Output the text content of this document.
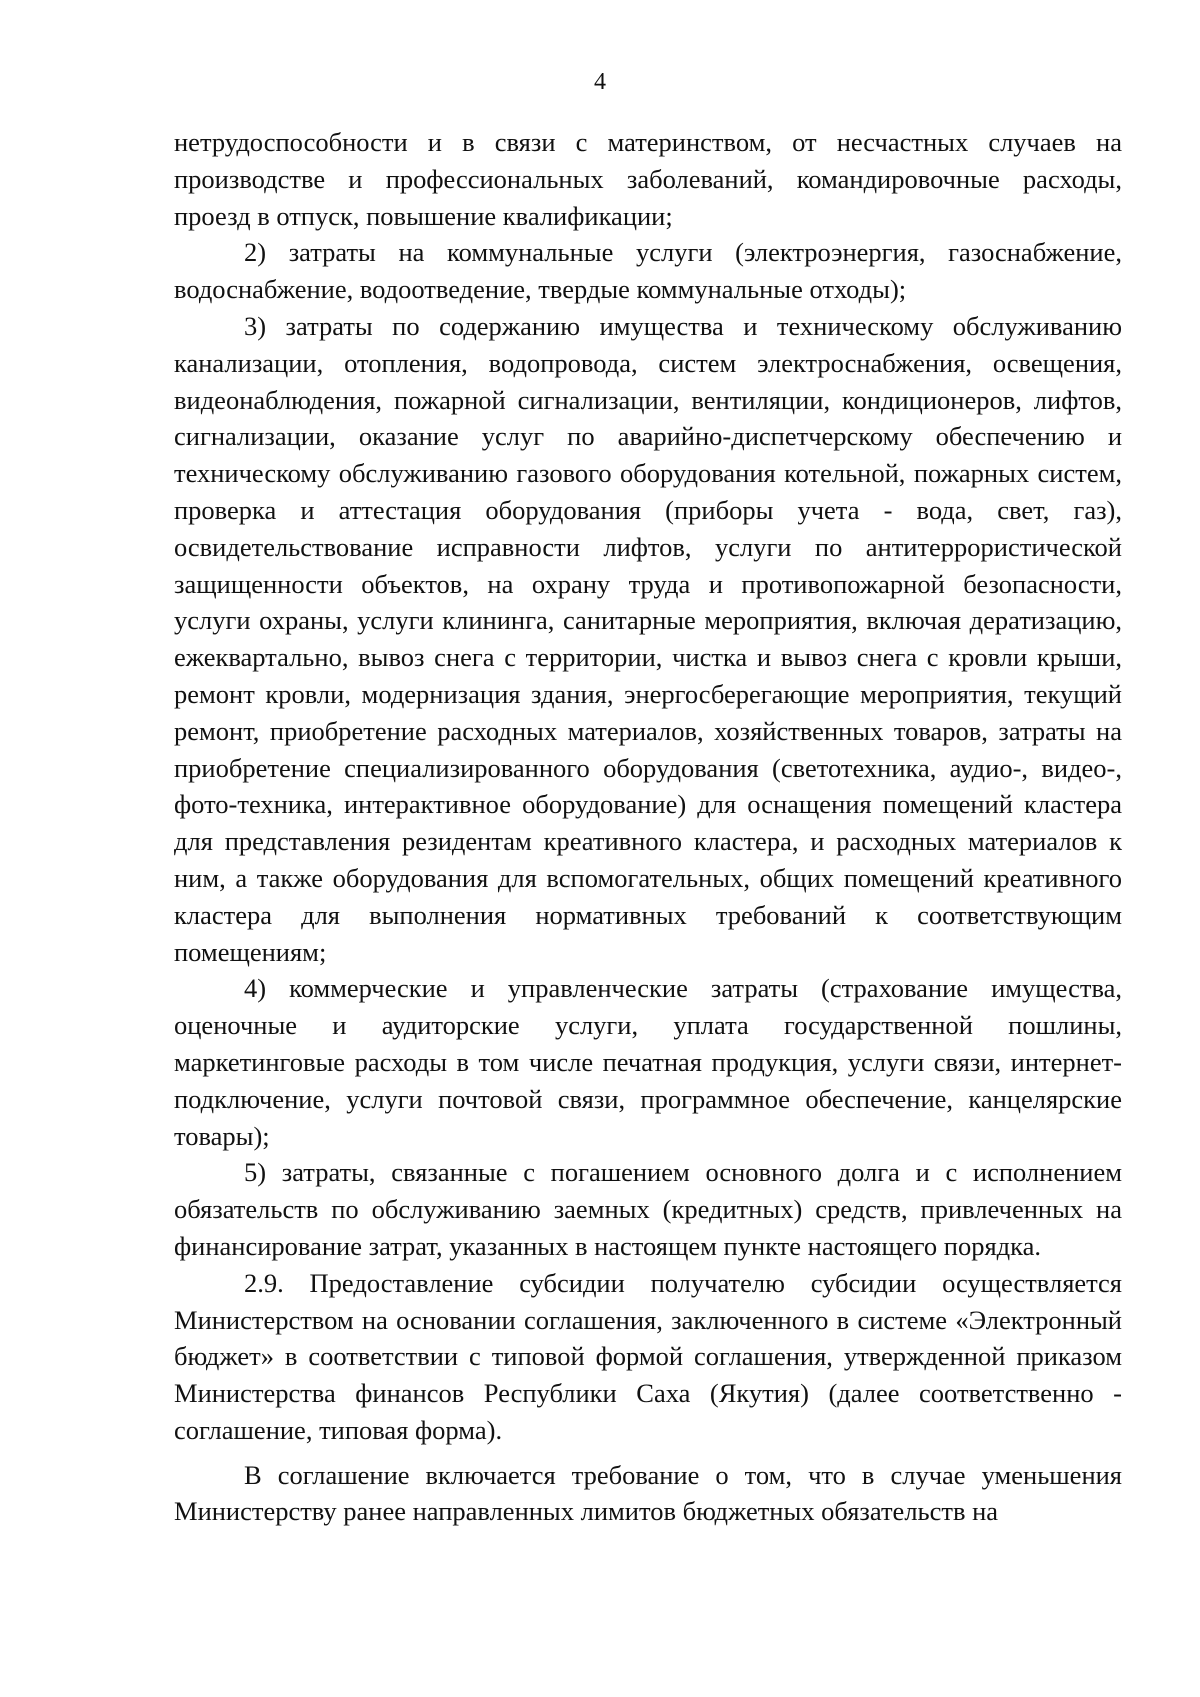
4

нетрудоспособности и в связи с материнством, от несчастных случаев на производстве и профессиональных заболеваний, командировочные расходы, проезд в отпуск, повышение квалификации;

2) затраты на коммунальные услуги (электроэнергия, газоснабжение, водоснабжение, водоотведение, твердые коммунальные отходы);

3) затраты по содержанию имущества и техническому обслуживанию канализации, отопления, водопровода, систем электроснабжения, освещения, видеонаблюдения, пожарной сигнализации, вентиляции, кондиционеров, лифтов, сигнализации, оказание услуг по аварийно-диспетчерскому обеспечению и техническому обслуживанию газового оборудования котельной, пожарных систем, проверка и аттестация оборудования (приборы учета - вода, свет, газ), освидетельствование исправности лифтов, услуги по антитеррористической защищенности объектов, на охрану труда и противопожарной безопасности, услуги охраны, услуги клининга, санитарные мероприятия, включая дератизацию, ежеквартально, вывоз снега с территории, чистка и вывоз снега с кровли крыши, ремонт кровли, модернизация здания, энергосберегающие мероприятия, текущий ремонт, приобретение расходных материалов, хозяйственных товаров, затраты на приобретение специализированного оборудования (светотехника, аудио-, видео-, фото-техника, интерактивное оборудование) для оснащения помещений кластера для представления резидентам креативного кластера, и расходных материалов к ним, а также оборудования для вспомогательных, общих помещений креативного кластера для выполнения нормативных требований к соответствующим помещениям;

4) коммерческие и управленческие затраты (страхование имущества, оценочные и аудиторские услуги, уплата государственной пошлины, маркетинговые расходы в том числе печатная продукция, услуги связи, интернет-подключение, услуги почтовой связи, программное обеспечение, канцелярские товары);

5) затраты, связанные с погашением основного долга и с исполнением обязательств по обслуживанию заемных (кредитных) средств, привлеченных на финансирование затрат, указанных в настоящем пункте настоящего порядка.

2.9. Предоставление субсидии получателю субсидии осуществляется Министерством на основании соглашения, заключенного в системе «Электронный бюджет» в соответствии с типовой формой соглашения, утвержденной приказом Министерства финансов Республики Саха (Якутия) (далее соответственно - соглашение, типовая форма).

В соглашение включается требование о том, что в случае уменьшения Министерству ранее направленных лимитов бюджетных обязательств на
